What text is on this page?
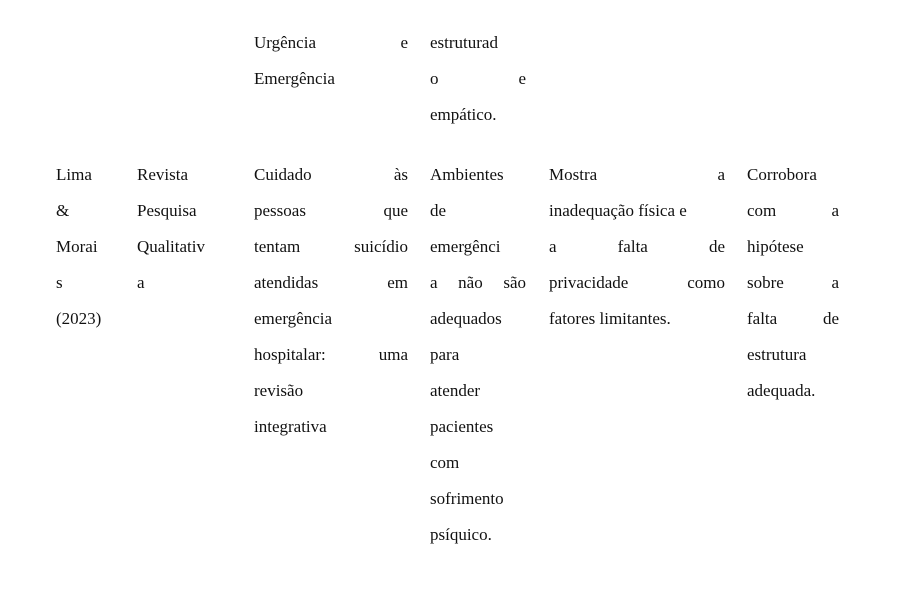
Urgência e
Emergência
estruturad
o e
empático.
Lima
&
Morai
s
(2023)
Revista
Pesquisa
Qualitativ
a
Cuidado às
pessoas que
tentam suicídio
atendidas em
emergência
hospitalar: uma
revisão
integrativa
Ambientes
de
emergênci
a não são
adequados
para
atender
pacientes
com
sofrimento
psíquico.
Mostra a
inadequação física e
a falta de
privacidade como
fatores limitantes.
Corrobora
com a
hipótese
sobre a
falta de
estrutura
adequada.
